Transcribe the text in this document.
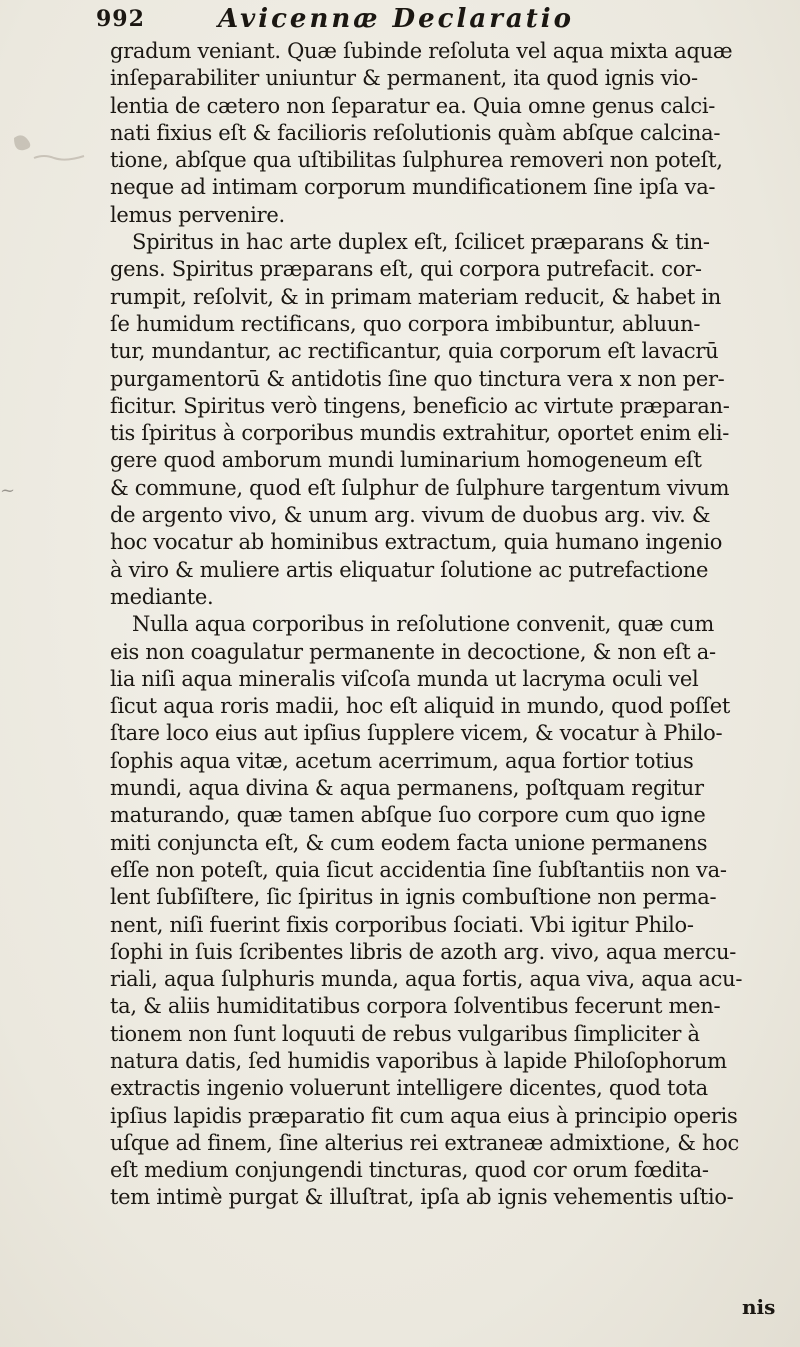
~
992	Avicennæ Declaratio
gradum veniant. Quæ ſubinde reſoluta vel aqua mixta aquæ
inſeparabiliter uniuntur & permanent, ita quod ignis vio-
lentia de cætero non ſeparatur ea. Quia omne genus calci-
nati fixius eſt & facilioris reſolutionis quàm abſque calcina-
tione, abſque qua uſtibilitas ſulphurea removeri non poteſt,
neque ad intimam corporum mundificationem ſine ipſa va-
lemus pervenire.
Spiritus in hac arte duplex eſt, ſcilicet præparans & tin-
gens. Spiritus præparans eſt, qui corpora putrefacit. cor-
rumpit, reſolvit, & in primam materiam reducit, & habet in
ſe humidum rectificans, quo corpora imbibuntur, abluun-
tur, mundantur, ac rectificantur, quia corporum eſt lavacrū
purgamentorū & antidotis ſine quo tinctura vera x non per-
ficitur. Spiritus verò tingens, beneficio ac virtute præparan-
tis ſpiritus à corporibus mundis extrahitur, oportet enim eli-
gere quod amborum mundi luminarium homogeneum eſt
& commune, quod eſt ſulphur de ſulphure targentum vivum
de argento vivo, & unum arg. vivum de duobus arg. viv. &
hoc vocatur ab hominibus extractum, quia humano ingenio
à viro & muliere artis eliquatur ſolutione ac putrefactione
mediante.
Nulla aqua corporibus in reſolutione convenit, quæ cum
eis non coagulatur permanente in decoctione, & non eſt a-
lia niſi aqua mineralis viſcoſa munda ut lacryma oculi vel
ſicut aqua roris madii, hoc eſt aliquid in mundo, quod poſſet
ſtare loco eius aut ipſius ſupplere vicem, & vocatur à Philo-
ſophis aqua vitæ, acetum acerrimum, aqua fortior totius
mundi, aqua divina & aqua permanens, poſtquam regitur
maturando, quæ tamen abſque ſuo corpore cum quo igne
miti conjuncta eſt, & cum eodem facta unione permanens
eſſe non poteſt, quia ſicut accidentia ſine ſubſtantiis non va-
lent ſubſiſtere, ſic ſpiritus in ignis combuſtione non perma-
nent, niſi fuerint fixis corporibus ſociati. Vbi igitur Philo-
ſophi in ſuis ſcribentes libris de azoth arg. vivo, aqua mercu-
riali, aqua ſulphuris munda, aqua fortis, aqua viva, aqua acu-
ta, & aliis humiditatibus corpora ſolventibus fecerunt men-
tionem non ſunt loquuti de rebus vulgaribus ſimpliciter à
natura datis, ſed humidis vaporibus à lapide Philoſophorum
extractis ingenio voluerunt intelligere dicentes, quod tota
ipſius lapidis præparatio fit cum aqua eius à principio operis
uſque ad finem, ſine alterius rei extraneæ admixtione, & hoc
eſt medium conjungendi tincturas, quod cor orum fœdita-
tem intimè purgat & illuſtrat, ipſa ab ignis vehementis uſtio-
nis
